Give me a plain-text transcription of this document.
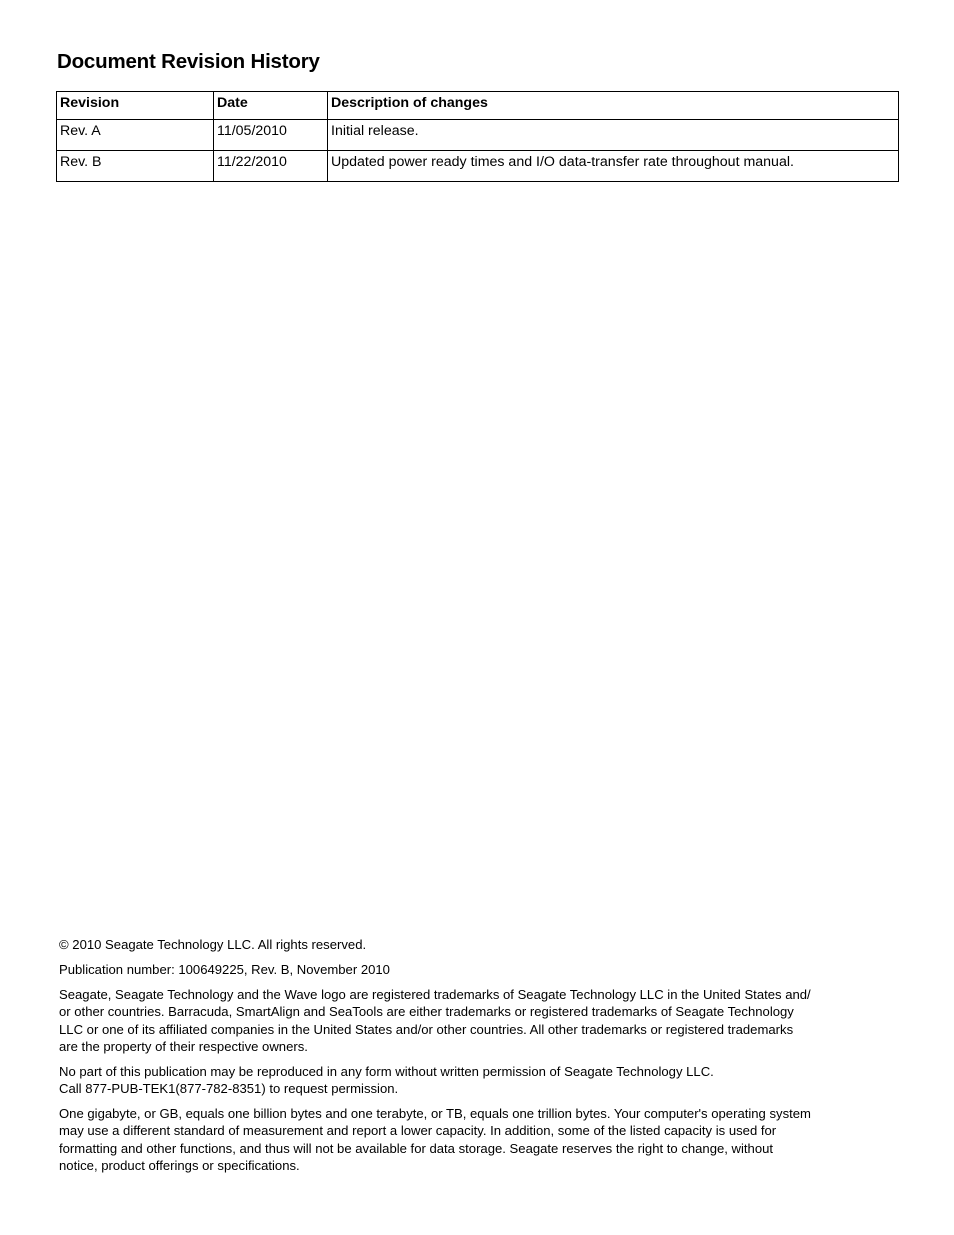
Document Revision History
Revision	Date	Description of changes
Rev. A	11/05/2010	Initial release.
Rev. B	11/22/2010	Updated power ready times and I/O data-transfer rate throughout manual.

© 2010 Seagate Technology LLC. All rights reserved.

Publication number: 100649225, Rev. B, November 2010

Seagate, Seagate Technology and the Wave logo are registered trademarks of Seagate Technology LLC in the United States and/
or other countries. Barracuda, SmartAlign and SeaTools are either trademarks or registered trademarks of Seagate Technology
LLC or one of its affiliated companies in the United States and/or other countries. All other trademarks or registered trademarks
are the property of their respective owners.

No part of this publication may be reproduced in any form without written permission of Seagate Technology LLC.
Call 877-PUB-TEK1(877-782-8351) to request permission.

One gigabyte, or GB, equals one billion bytes and one terabyte, or TB, equals one trillion bytes. Your computer's operating system
may use a different standard of measurement and report a lower capacity. In addition, some of the listed capacity is used for
formatting and other functions, and thus will not be available for data storage. Seagate reserves the right to change, without
notice, product offerings or specifications.
